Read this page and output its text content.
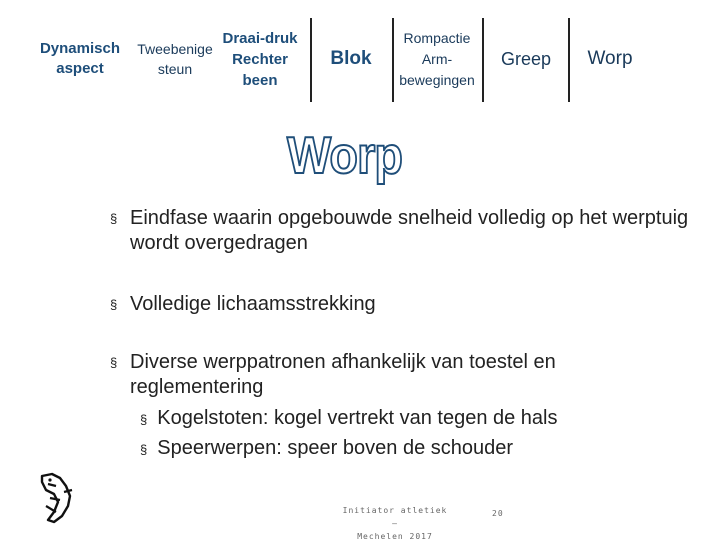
Dynamisch
aspect
Tweebenige
steun
Draai-druk
Rechter
been
Blok
Rompactie
Arm-
bewegingen
Greep Worp
Worp
§ Eindfase waarin opgebouwde snelheid volledig op het werptuig wordt overgedragen
§ Volledige lichaamsstrekking
§ Diverse werppatronen afhankelijk van toestel en reglementering
§ Kogelstoten: kogel vertrekt van tegen de hals
§ Speerwerpen: speer boven de schouder
Initiator atletiek –
Mechelen 2017
20
